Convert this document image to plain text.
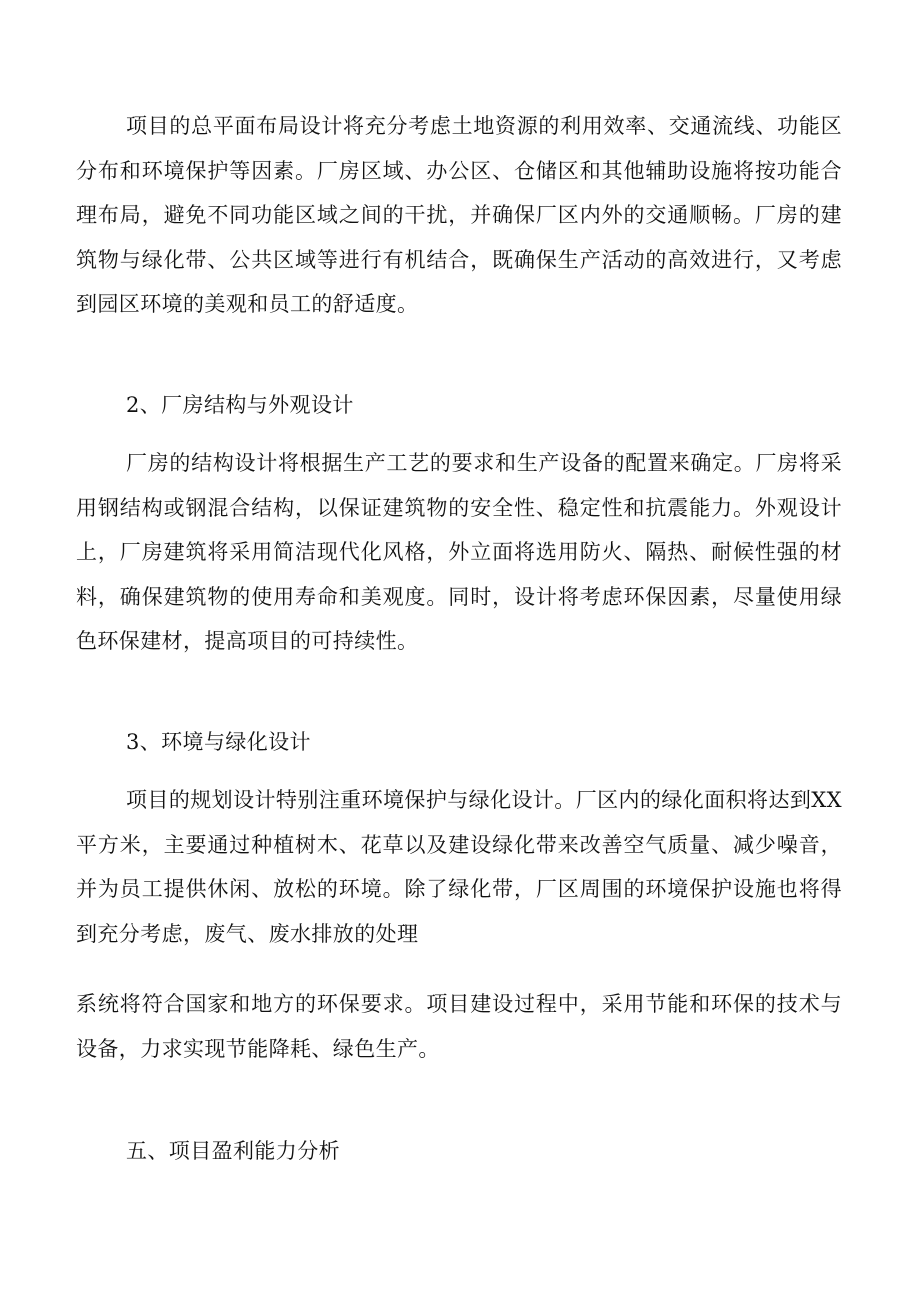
项目的总平面布局设计将充分考虑土地资源的利用效率、交通流线、功能区分布和环境保护等因素。厂房区域、办公区、仓储区和其他辅助设施将按功能合理布局，避免不同功能区域之间的干扰，并确保厂区内外的交通顺畅。厂房的建筑物与绿化带、公共区域等进行有机结合，既确保生产活动的高效进行，又考虑到园区环境的美观和员工的舒适度。

2、厂房结构与外观设计

厂房的结构设计将根据生产工艺的要求和生产设备的配置来确定。厂房将采用钢结构或钢混合结构，以保证建筑物的安全性、稳定性和抗震能力。外观设计上，厂房建筑将采用简洁现代化风格，外立面将选用防火、隔热、耐候性强的材料，确保建筑物的使用寿命和美观度。同时，设计将考虑环保因素，尽量使用绿色环保建材，提高项目的可持续性。

3、环境与绿化设计

项目的规划设计特别注重环境保护与绿化设计。厂区内的绿化面积将达到XX平方米，主要通过种植树木、花草以及建设绿化带来改善空气质量、减少噪音，并为员工提供休闲、放松的环境。除了绿化带，厂区周围的环境保护设施也将得到充分考虑，废气、废水排放的处理

系统将符合国家和地方的环保要求。项目建设过程中，采用节能和环保的技术与设备，力求实现节能降耗、绿色生产。

五、项目盈利能力分析
